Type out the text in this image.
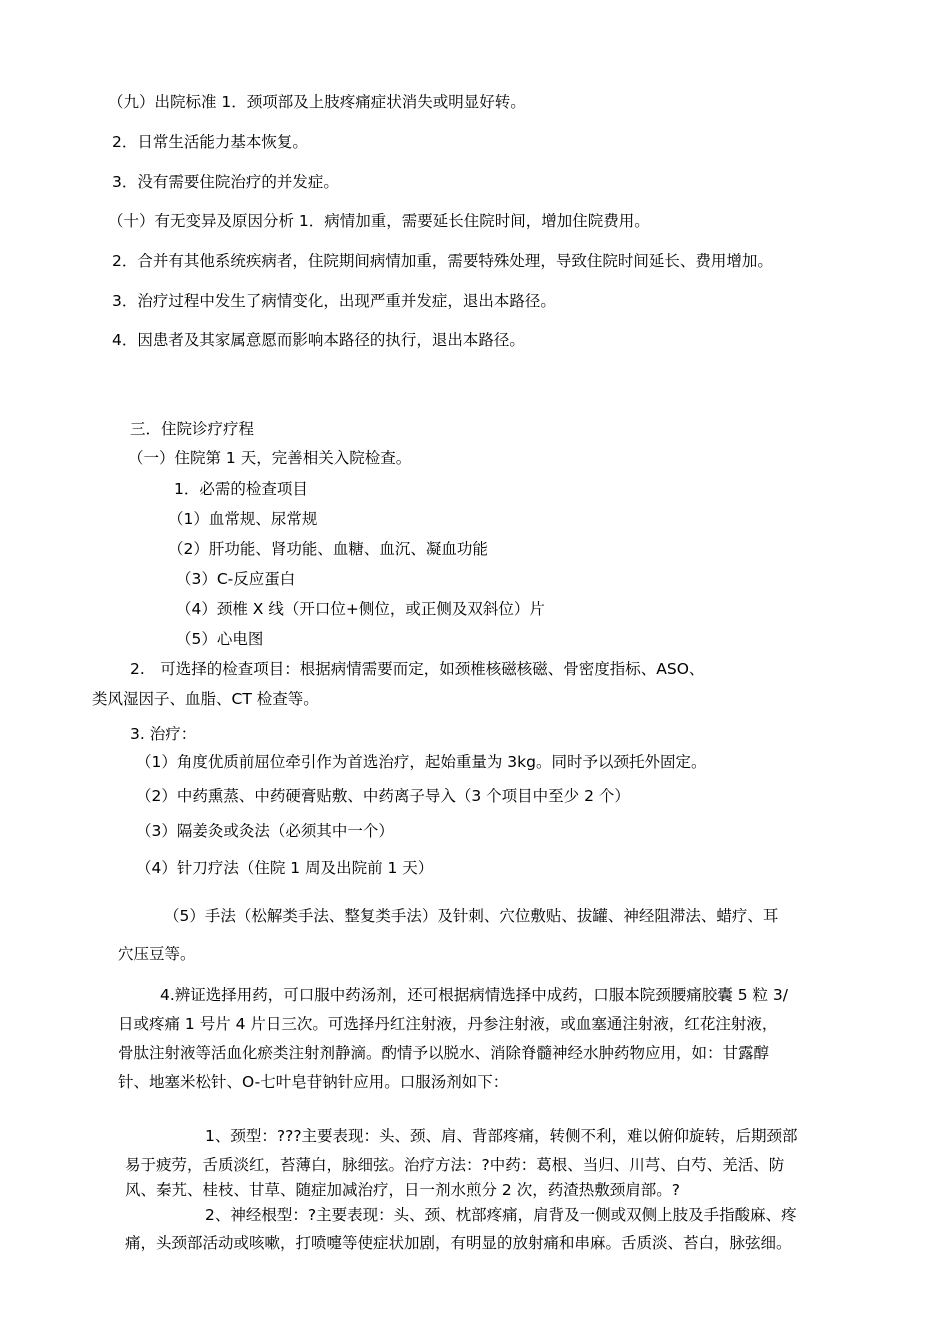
（九）出院标准 1．颈项部及上肢疼痛症状消失或明显好转。
2．日常生活能力基本恢复。
3．没有需要住院治疗的并发症。
（十）有无变异及原因分析 1．病情加重，需要延长住院时间，增加住院费用。
2．合并有其他系统疾病者，住院期间病情加重，需要特殊处理，导致住院时间延长、费用增加。
3．治疗过程中发生了病情变化，出现严重并发症，退出本路径。
4．因患者及其家属意愿而影响本路径的执行，退出本路径。
三．住院诊疗疗程
（一）住院第 1 天，完善相关入院检查。
1．必需的检查项目
（1）血常规、尿常规
（2）肝功能、肾功能、血糖、血沉、凝血功能
（3）C-反应蛋白
（4）颈椎 X 线（开口位+侧位，或正侧及双斜位）片
（5）心电图
2.　可选择的检查项目：根据病情需要而定，如颈椎核磁核磁、骨密度指标、ASO、
类风湿因子、血脂、CT 检查等。
3. 治疗：
（1）角度优质前屈位牵引作为首选治疗，起始重量为 3kg。同时予以颈托外固定。
（2）中药熏蒸、中药硬膏贴敷、中药离子导入（3 个项目中至少 2 个）
（3）隔姜灸或灸法（必须其中一个）
（4）针刀疗法（住院 1 周及出院前 1 天）
（5）手法（松解类手法、整复类手法）及针刺、穴位敷贴、拔罐、神经阻滞法、蜡疗、耳
穴压豆等。
4.辨证选择用药，可口服中药汤剂，还可根据病情选择中成药，口服本院颈腰痛胶囊 5 粒 3/
日或疼痛 1 号片 4 片日三次。可选择丹红注射液，丹参注射液，或血塞通注射液，红花注射液，
骨肽注射液等活血化瘀类注射剂静滴。酌情予以脱水、消除脊髓神经水肿药物应用，如：甘露醇
针、地塞米松针、O-七叶皂苷钠针应用。口服汤剂如下：
1、颈型：???主要表现：头、颈、肩、背部疼痛，转侧不利，难以俯仰旋转，后期颈部
易于疲劳，舌质淡红，苔薄白，脉细弦。治疗方法：?中药：葛根、当归、川芎、白芍、羌活、防
风、秦艽、桂枝、甘草、随症加减治疗，日一剂水煎分 2 次，药渣热敷颈肩部。?
2、神经根型：?主要表现：头、颈、枕部疼痛，肩背及一侧或双侧上肢及手指酸麻、疼
痛，头颈部活动或咳嗽，打喷嚏等使症状加剧，有明显的放射痛和串麻。舌质淡、苔白，脉弦细。
